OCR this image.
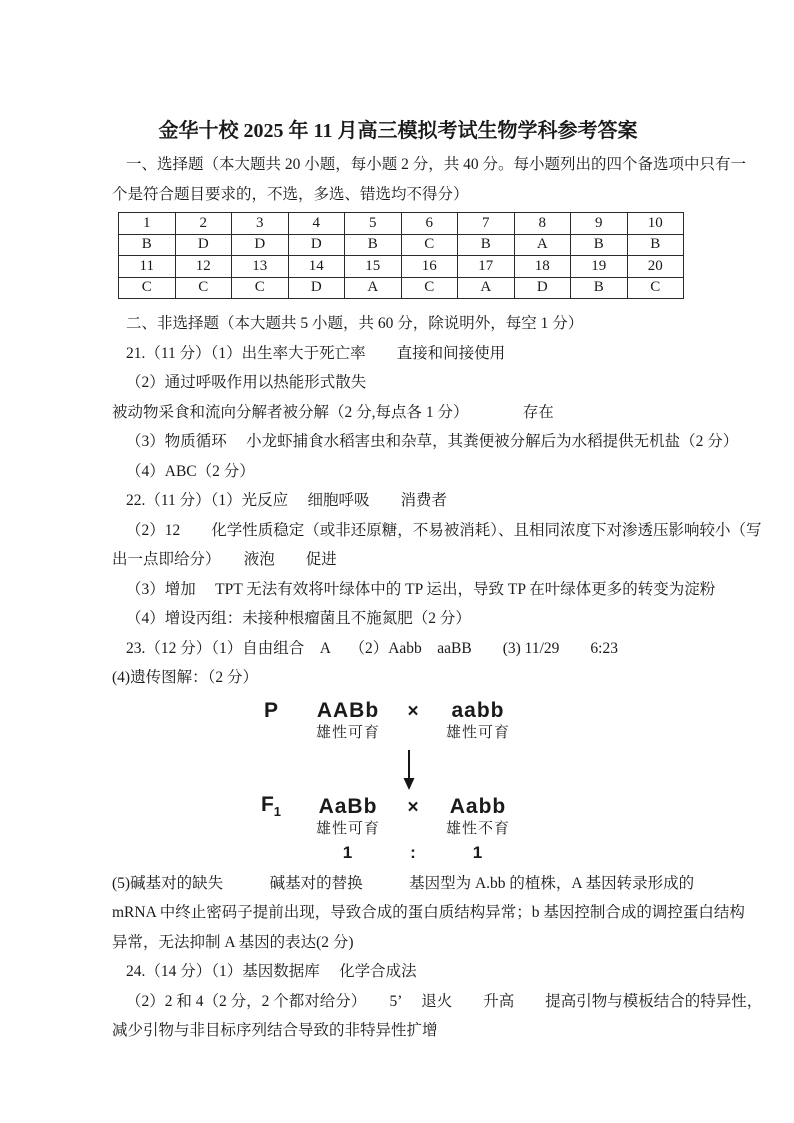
金华十校 2025 年 11 月高三模拟考试生物学科参考答案

一、选择题（本大题共 20 小题，每小题 2 分，共 40 分。每小题列出的四个备选项中只有一

个是符合题目要求的，不选，多选、错选均不得分）

1	2	3	4	5	6	7	8	9	10
B	D	D	D	B	C	B	A	B	B
11	12	13	14	15	16	17	18	19	20
C	C	C	D	A	C	A	D	B	C

二、非选择题（本大题共 5 小题，共 60 分，除说明外，每空 1 分）

21.（11 分）（1）出生率大于死亡率　　直接和间接使用

（2）通过呼吸作用以热能形式散失

被动物采食和流向分解者被分解（2 分,每点各 1 分）　　　　存在

（3）物质循环　 小龙虾捕食水稻害虫和杂草，其粪便被分解后为水稻提供无机盐（2 分）

（4）ABC（2 分）

22.（11 分）（1）光反应　 细胞呼吸　　消费者

（2）12　　化学性质稳定（或非还原糖，不易被消耗）、且相同浓度下对渗透压影响较小（写

出一点即给分）　　液泡　　促进

（3）增加　 TPT 无法有效将叶绿体中的 TP 运出，导致 TP 在叶绿体更多的转变为淀粉

（4）增设丙组：未接种根瘤菌且不施氮肥（2 分）

23.（12 分）（1）自由组合　A　 （2）Aabb　aaBB　　(3) 11/29　　6:23

(4)遗传图解：（2 分）

P	AABb	×	aabb
雄性可育	雄性可育
$F_1$	AaBb	×	Aabb
雄性可育	雄性不育
1	:	1

(5)碱基对的缺失　　　碱基对的替换　　　基因型为 A.bb 的植株，A 基因转录形成的

mRNA 中终止密码子提前出现，导致合成的蛋白质结构异常；b 基因控制合成的调控蛋白结构

异常，无法抑制 A 基因的表达(2 分)

24.（14 分）（1）基因数据库　 化学合成法

（2）2 和 4（2 分，2 个都对给分）　　5’　 退火　　升高　　提高引物与模板结合的特异性，

减少引物与非目标序列结合导致的非特异性扩增
